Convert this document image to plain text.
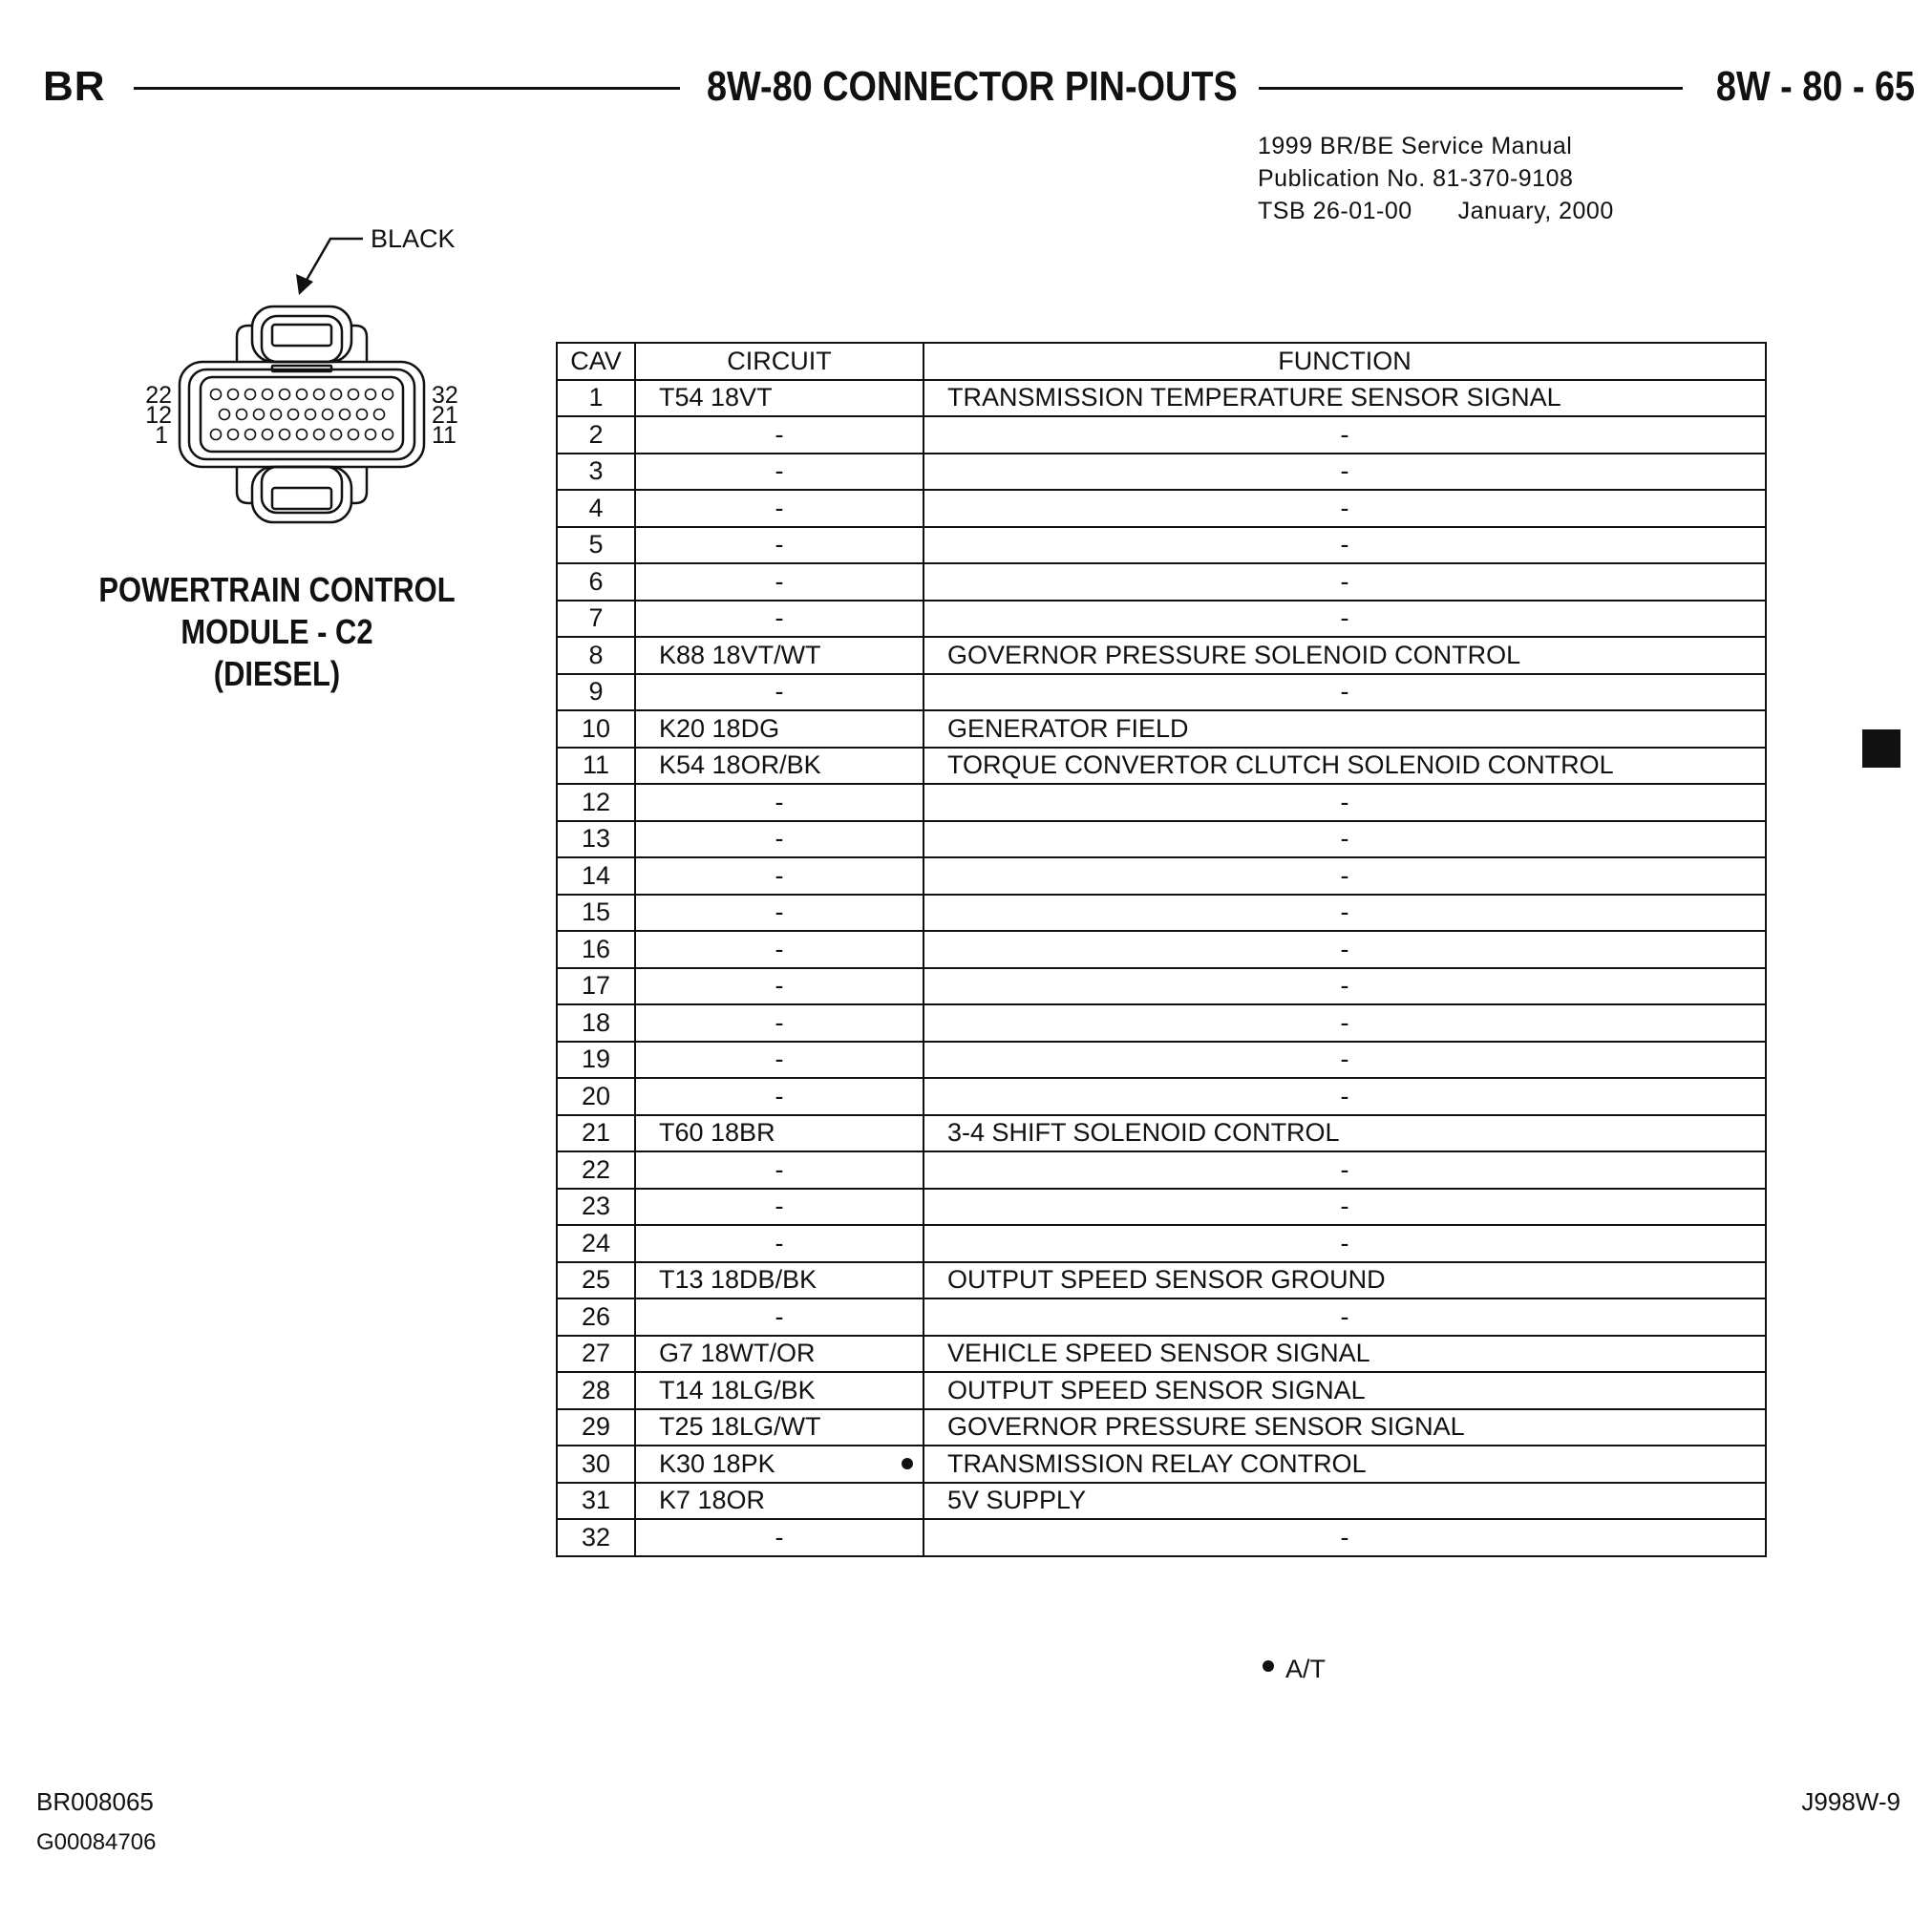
BR	8W-80 CONNECTOR PIN-OUTS	8W - 80 - 65
1999 BR/BE Service Manual
Publication No. 81-370-9108
TSB 26-01-00 January, 2000
BLACK
22
12
1
32
21
11
POWERTRAIN CONTROL
MODULE - C2
(DIESEL)
CAV	CIRCUIT	FUNCTION
1	T54 18VT	TRANSMISSION TEMPERATURE SENSOR SIGNAL
2	-	-
3	-	-
4	-	-
5	-	-
6	-	-
7	-	-
8	K88 18VT/WT	GOVERNOR PRESSURE SOLENOID CONTROL
9	-	-
10	K20 18DG	GENERATOR FIELD
11	K54 18OR/BK	TORQUE CONVERTOR CLUTCH SOLENOID CONTROL
12	-	-
13	-	-
14	-	-
15	-	-
16	-	-
17	-	-
18	-	-
19	-	-
20	-	-
21	T60 18BR	3-4 SHIFT SOLENOID CONTROL
22	-	-
23	-	-
24	-	-
25	T13 18DB/BK	OUTPUT SPEED SENSOR GROUND
26	-	-
27	G7 18WT/OR	VEHICLE SPEED SENSOR SIGNAL
28	T14 18LG/BK	OUTPUT SPEED SENSOR SIGNAL
29	T25 18LG/WT	GOVERNOR PRESSURE SENSOR SIGNAL
30	K30 18PK	TRANSMISSION RELAY CONTROL
31	K7 18OR	5V SUPPLY
32	-	-
A/T
BR008065
G00084706
J998W-9
